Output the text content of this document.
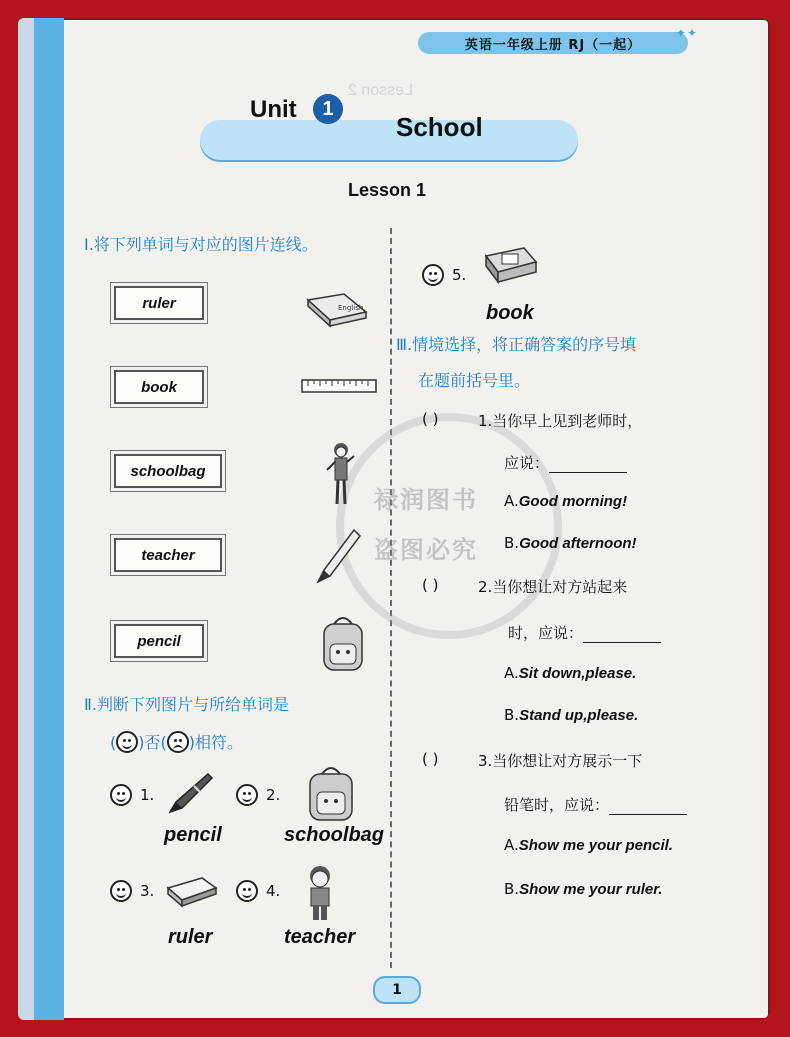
Lesson 2
英语一年级上册 RJ（一起）
✦✦
Unit	1
School
Lesson 1
禄润图书
盗图必究
Ⅰ.将下列单词与对应的图片连线。
ruler
book
schoolbag
teacher
pencil
English
Ⅱ.判断下列图片与所给单词是
( )否( )相符。
1.
pencil
2.
schoolbag
3.
ruler
4.
teacher
5.
book
Ⅲ.情境选择，将正确答案的序号填
在题前括号里。
( )	1.当你早上见到老师时，
应说：
A.Good morning!
B.Good afternoon!
( )	2.当你想让对方站起来
时，应说：
A.Sit down,please.
B.Stand up,please.
( )	3.当你想让对方展示一下
铅笔时，应说：
A.Show me your pencil.
B.Show me your ruler.
1
